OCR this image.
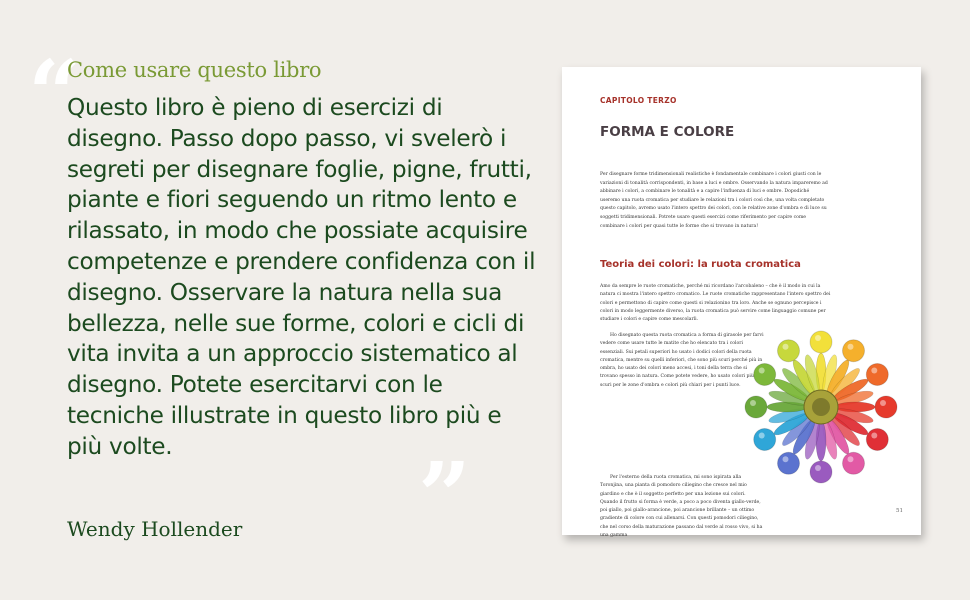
“
Come usare questo libro
Questo libro è pieno di esercizi di disegno. Passo dopo passo, vi svelerò i segreti per disegnare foglie, pigne, frutti, piante e fiori seguendo un ritmo lento e rilassato, in modo che possiate acquisire competenze e prendere confidenza con il disegno. Osservare la natura nella sua bellezza, nelle sue forme, colori e cicli di vita invita a un approccio sistematico al disegno. Potete esercitarvi con le tecniche illustrate in questo libro più e più volte.	”
Wendy Hollender
CAPITOLO TERZO
FORMA E COLORE
Per disegnare forme tridimensionali realistiche è fondamentale combinare i colori giusti con le variazioni di tonalità corrispondenti, in base a luci e ombre. Osservando la natura impareremo ad abbinare i colori, a combinare le tonalità e a capire l'influenza di luci e ombre. Dopodiché useremo una ruota cromatica per studiare le relazioni tra i colori così che, una volta completato questo capitolo, avremo usato l'intero spettro dei colori, con le relative zone d'ombra e di luce su soggetti tridimensionali. Potrete usare questi esercizi come riferimento per capire come combinare i colori per quasi tutte le forme che si trovano in natura!
Teoria dei colori: la ruota cromatica

Amo da sempre le ruote cromatiche, perché mi ricordano l'arcobaleno – che è il modo in cui la natura ci mostra l'intero spettro cromatico. Le ruote cromatiche rappresentano l'intero spettro dei colori e permettono di capire come questi si relazionino tra loro. Anche se ognuno percepisce i colori in modo leggermente diverso, la ruota cromatica può servire come linguaggio comune per studiare i colori e capire come mescolarli.

Ho disegnato questa ruota cromatica a forma di girasole per farvi vedere come usare tutte le matite che ho elencato tra i colori essenziali. Sui petali superiori ho usato i dodici colori della ruota cromatica, mentre su quelli inferiori, che sono più scuri perché più in ombra, ho usato dei colori meno accesi, i toni della terra che si trovano spesso in natura. Come potete vedere, ho usato colori più scuri per le zone d'ombra e colori più chiari per i punti luce.

Per l'esterno della ruota cromatica, mi sono ispirata alla Toronjina, una pianta di pomodoro ciliegino che cresce nel mio giardino e che è il soggetto perfetto per una lezione sui colori. Quando il frutto si forma è verde, a poco a poco diventa giallo-verde, poi giallo, poi giallo-arancione, poi arancione brillante – un ottimo gradiente di colore con cui allenarsi. Con questi pomodori ciliegino, che nel corso della maturazione passano dal verde al rosso vivo, si ha una gamma

51
